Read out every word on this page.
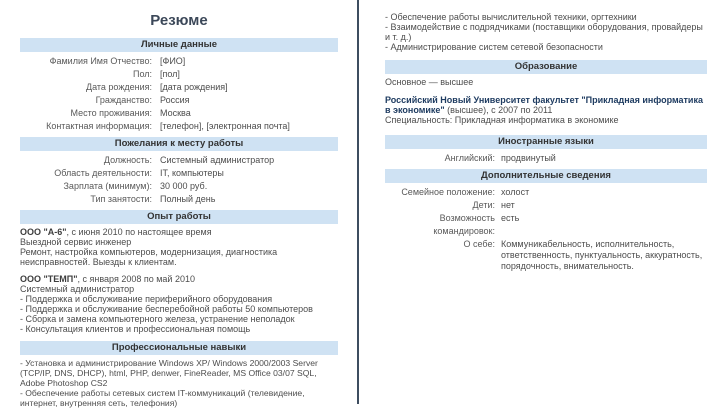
Резюме
Личные данные
Фамилия Имя Отчество: [ФИО]
Пол: [пол]
Дата рождения: [дата рождения]
Гражданство: Россия
Место проживания: Москва
Контактная информация: [телефон], [электронная почта]
Пожелания к месту работы
Должность: Системный администратор
Область деятельности: IT, компьютеры
Зарплата (минимум): 30 000 руб.
Тип занятости: Полный день
Опыт работы
ООО "А-6", с июня 2010 по настоящее время
Выездной сервис инженер
Ремонт, настройка компьютеров, модернизация, диагностика неисправностей. Выезды к клиентам.
ООО "ТЕМП", с января 2008 по май 2010
Системный администратор
- Поддержка и обслуживание периферийного оборудования
- Поддержка и обслуживание бесперебойной работы 50 компьютеров
- Сборка и замена компьютерного железа, устранение неполадок
- Консультация клиентов и профессиональная помощь
Профессиональные навыки
- Установка и администрирование Windows XP/ Windows 2000/2003 Server (TCP/IP, DNS, DHCP), html, PHP, denwer, FineReader, MS Office 03/07 SQL, Adobe Photoshop CS2
- Обеспечение работы сетевых систем IT-коммуникаций (телевидение, интернет, внутренняя сеть, телефония)
- Обеспечение работы вычислительной техники, оргтехники
- Взаимодействие с подрядчиками (поставщики оборудования, провайдеры и т. д.)
- Администрирование систем сетевой безопасности
Образование
Основное — высшее
Российский Новый Университет факультет "Прикладная информатика в экономике" (высшее), с 2007 по 2011
Специальность: Прикладная информатика в экономике
Иностранные языки
Английский: продвинутый
Дополнительные сведения
Семейное положение: холост
Дети: нет
Возможность командировок:
есть
О себе: Коммуникабельность, исполнительность, ответственность, пунктуальность, аккуратность, порядочность, внимательность.
